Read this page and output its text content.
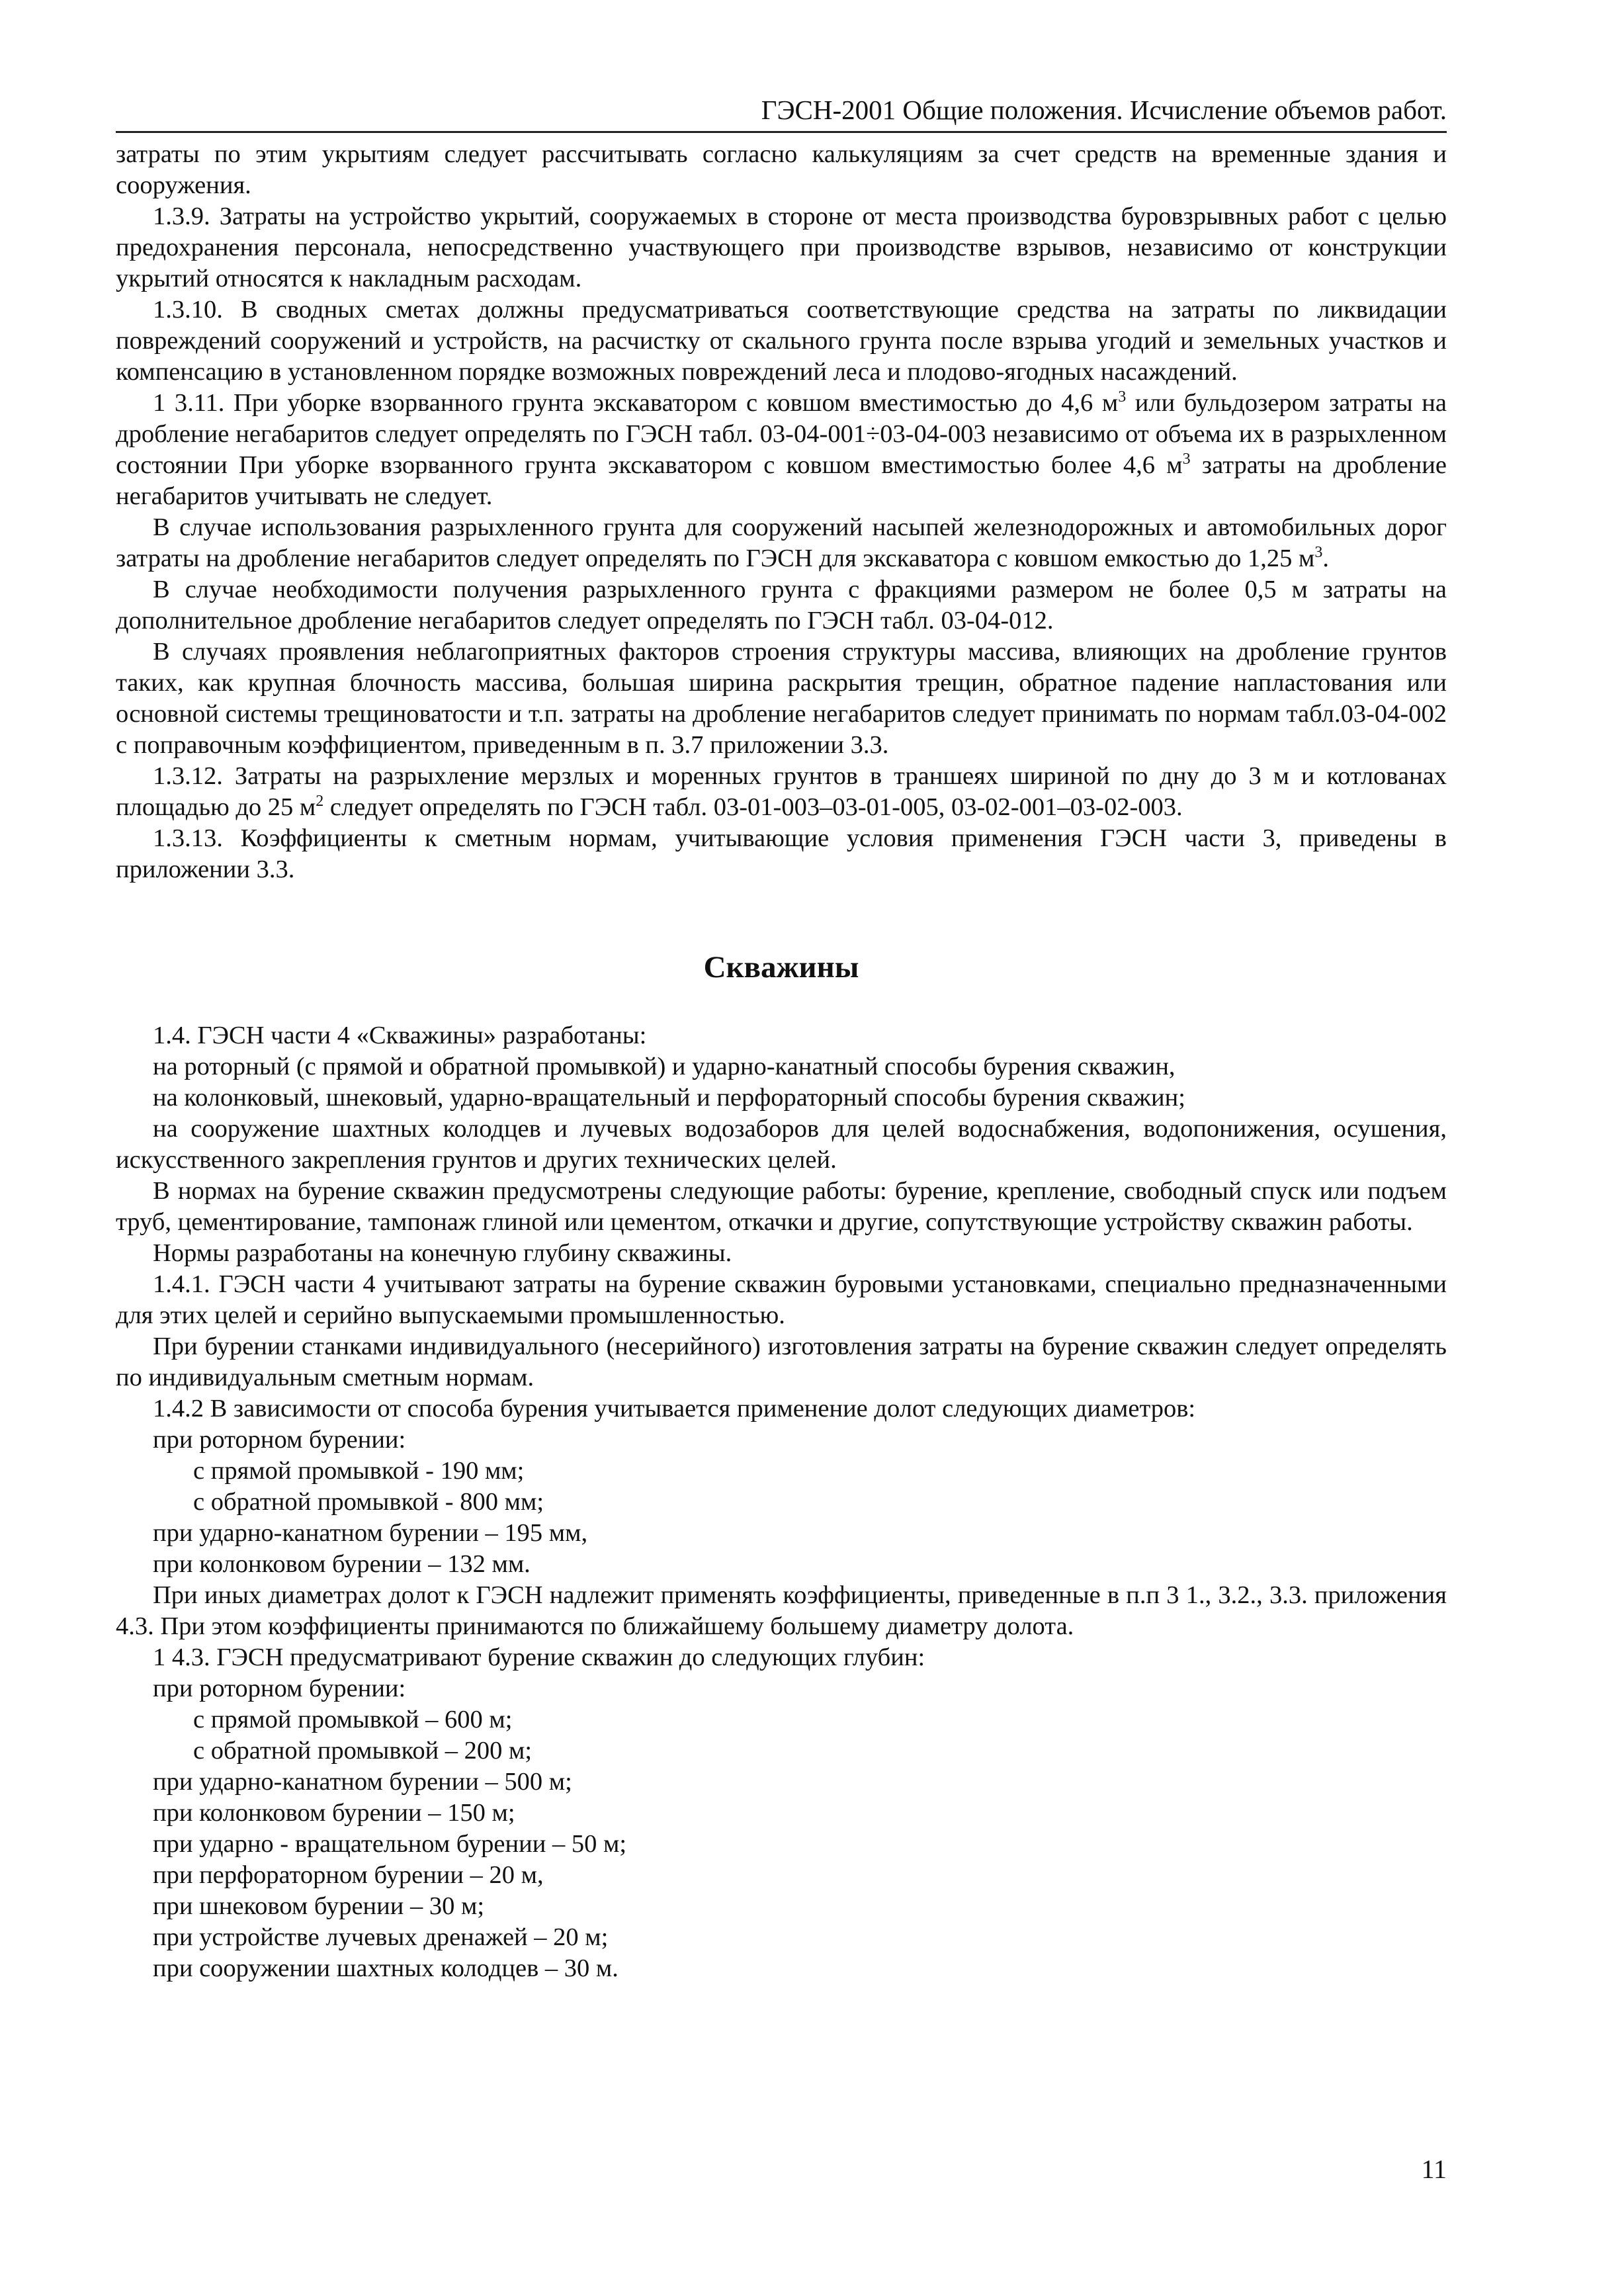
ГЭСН-2001 Общие положения. Исчисление объемов работ.

затраты по этим укрытиям следует рассчитывать согласно калькуляциям за счет средств на временные здания и сооружения.

1.3.9. Затраты на устройство укрытий, сооружаемых в стороне от места производства буровзрывных работ с целью предохранения персонала, непосредственно участвующего при производстве взрывов, независимо от конструкции укрытий относятся к накладным расходам.

1.3.10. В сводных сметах должны предусматриваться соответствующие средства на затраты по ликвидации повреждений сооружений и устройств, на расчистку от скального грунта после взрыва угодий и земельных участков и компенсацию в установленном порядке возможных повреждений леса и плодово-ягодных насаждений.

1 3.11. При уборке взорванного грунта экскаватором с ковшом вместимостью до 4,6 $м^3$ или бульдозером затраты на дробление негабаритов следует определять по ГЭСН табл. 03-04-001÷03-04-003 независимо от объема их в разрыхленном состоянии При уборке взорванного грунта экскаватором с ковшом вместимостью более 4,6 $м^3$ затраты на дробление негабаритов учитывать не следует.

В случае использования разрыхленного грунта для сооружений насыпей железнодорожных и автомобильных дорог затраты на дробление негабаритов следует определять по ГЭСН для экскаватора с ковшом емкостью до 1,25 $м^3$.

В случае необходимости получения разрыхленного грунта с фракциями размером не более 0,5 м затраты на дополнительное дробление негабаритов следует определять по ГЭСН табл. 03-04-012.

В случаях проявления неблагоприятных факторов строения структуры массива, влияющих на дробление грунтов таких, как крупная блочность массива, большая ширина раскрытия трещин, обратное падение напластования или основной системы трещиноватости и т.п. затраты на дробление негабаритов следует принимать по нормам табл.03-04-002 с поправочным коэффициентом, приведенным в п. 3.7 приложении 3.3.

1.3.12. Затраты на разрыхление мерзлых и моренных грунтов в траншеях шириной по дну до 3 м и котлованах площадью до 25 $м^2$ следует определять по ГЭСН табл. 03-01-003–03-01-005, 03-02-001–03-02-003.

1.3.13. Коэффициенты к сметным нормам, учитывающие условия применения ГЭСН части 3, приведены в приложении 3.3.

Скважины

1.4. ГЭСН части 4 «Скважины» разработаны:

на роторный (с прямой и обратной промывкой) и ударно-канатный способы бурения скважин,

на колонковый, шнековый, ударно-вращательный и перфораторный способы бурения скважин;

на сооружение шахтных колодцев и лучевых водозаборов для целей водоснабжения, водопонижения, осушения, искусственного закрепления грунтов и других технических целей.

В нормах на бурение скважин предусмотрены следующие работы: бурение, крепление, свободный спуск или подъем труб, цементирование, тампонаж глиной или цементом, откачки и другие, сопутствующие устройству скважин работы.

Нормы разработаны на конечную глубину скважины.

1.4.1. ГЭСН части 4 учитывают затраты на бурение скважин буровыми установками, специально предназначенными для этих целей и серийно выпускаемыми промышленностью.

При бурении станками индивидуального (несерийного) изготовления затраты на бурение скважин следует определять по индивидуальным сметным нормам.

1.4.2 В зависимости от способа бурения учитывается применение долот следующих диаметров:

при роторном бурении:

с прямой промывкой - 190 мм;

с обратной промывкой - 800 мм;

при ударно-канатном бурении – 195 мм,

при колонковом бурении – 132 мм.

При иных диаметрах долот к ГЭСН надлежит применять коэффициенты, приведенные в п.п 3 1., 3.2., 3.3. приложения 4.3. При этом коэффициенты принимаются по ближайшему большему диаметру долота.

1 4.3. ГЭСН предусматривают бурение скважин до следующих глубин:

при роторном бурении:

с прямой промывкой – 600 м;

с обратной промывкой – 200 м;

при ударно-канатном бурении – 500 м;

при колонковом бурении – 150 м;

при ударно - вращательном бурении – 50 м;

при перфораторном бурении – 20 м,

при шнековом бурении – 30 м;

при устройстве лучевых дренажей – 20 м;

при сооружении шахтных колодцев – 30 м.

11
